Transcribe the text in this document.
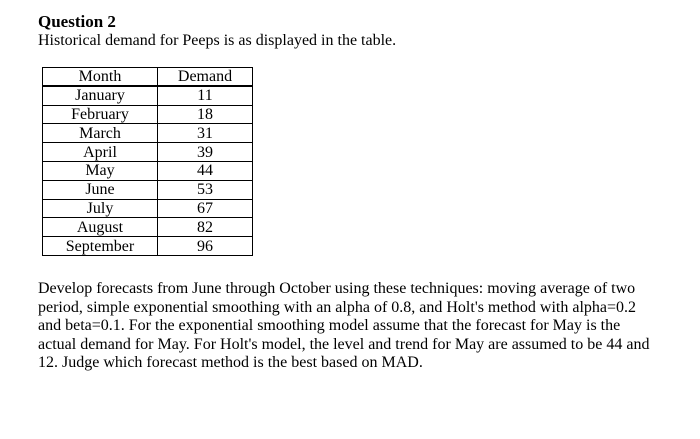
Question 2

Historical demand for Peeps is as displayed in the table.

Month	Demand
January	11
February	18
March	31
April	39
May	44
June	53
July	67
August	82
September	96

Develop forecasts from June through October using these techniques: moving average of two period, simple exponential smoothing with an alpha of 0.8, and Holt's method with alpha=0.2 and beta=0.1. For the exponential smoothing model assume that the forecast for May is the actual demand for May. For Holt's model, the level and trend for May are assumed to be 44 and 12. Judge which forecast method is the best based on MAD.
